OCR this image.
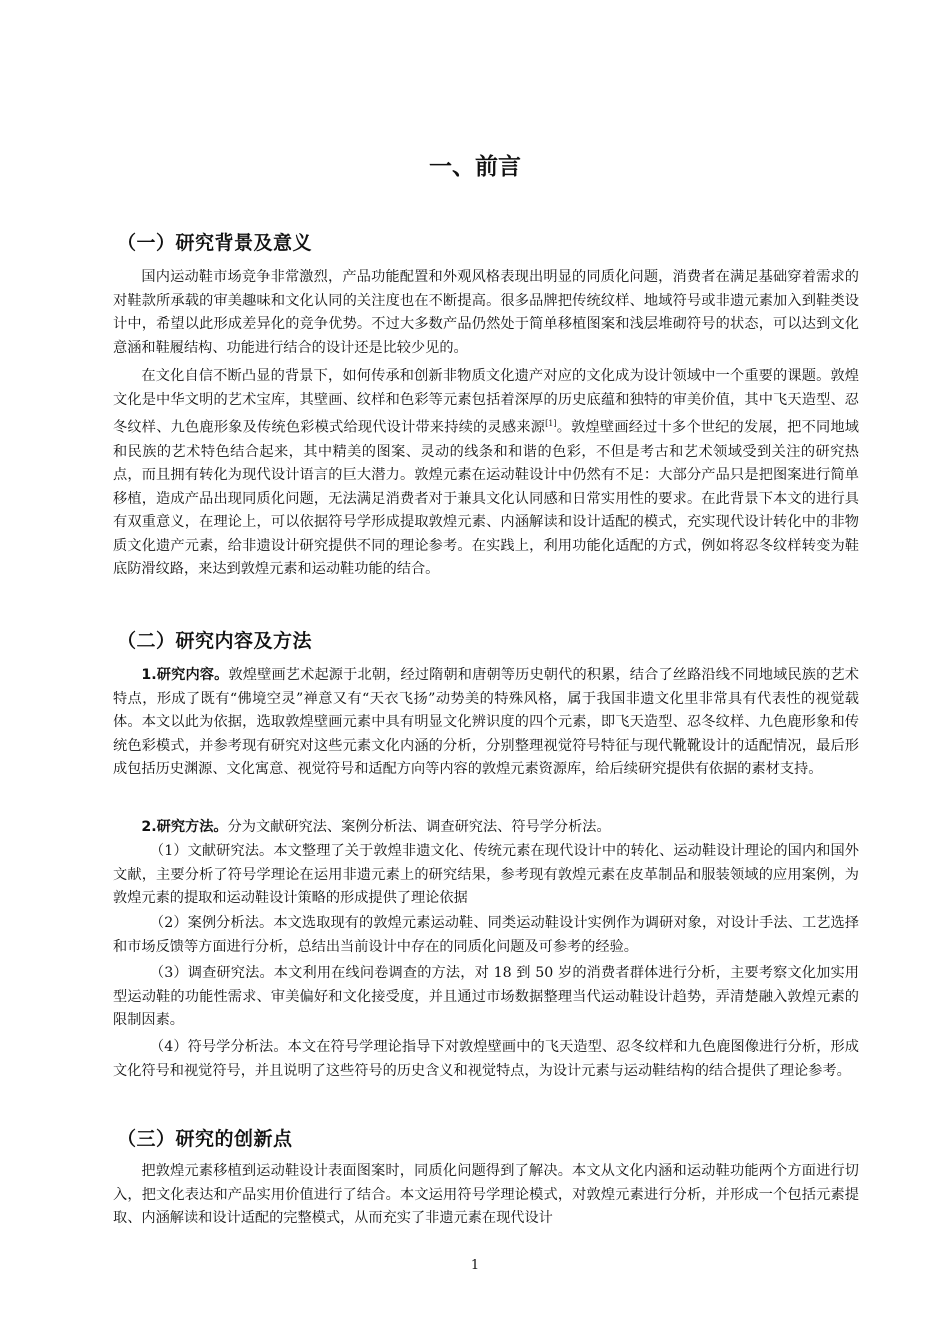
一、前言
（一）研究背景及意义

国内运动鞋市场竞争非常激烈，产品功能配置和外观风格表现出明显的同质化问题，消费者在满足基础穿着需求的对鞋款所承载的审美趣味和文化认同的关注度也在不断提高。很多品牌把传统纹样、地域符号或非遗元素加入到鞋类设计中，希望以此形成差异化的竞争优势。不过大多数产品仍然处于简单移植图案和浅层堆砌符号的状态，可以达到文化意涵和鞋履结构、功能进行结合的设计还是比较少见的。

在文化自信不断凸显的背景下，如何传承和创新非物质文化遗产对应的文化成为设计领域中一个重要的课题。敦煌文化是中华文明的艺术宝库，其壁画、纹样和色彩等元素包括着深厚的历史底蕴和独特的审美价值，其中飞天造型、忍冬纹样、九色鹿形象及传统色彩模式给现代设计带来持续的灵感来源[1]。敦煌壁画经过十多个世纪的发展，把不同地域和民族的艺术特色结合起来，其中精美的图案、灵动的线条和和谐的色彩，不但是考古和艺术领域受到关注的研究热点，而且拥有转化为现代设计语言的巨大潜力。敦煌元素在运动鞋设计中仍然有不足：大部分产品只是把图案进行简单移植，造成产品出现同质化问题，无法满足消费者对于兼具文化认同感和日常实用性的要求。在此背景下本文的进行具有双重意义，在理论上，可以依据符号学形成提取敦煌元素、内涵解读和设计适配的模式，充实现代设计转化中的非物质文化遗产元素，给非遗设计研究提供不同的理论参考。在实践上，利用功能化适配的方式，例如将忍冬纹样转变为鞋底防滑纹路，来达到敦煌元素和运动鞋功能的结合。

（二）研究内容及方法

1.研究内容。敦煌壁画艺术起源于北朝，经过隋朝和唐朝等历史朝代的积累，结合了丝路沿线不同地域民族的艺术特点，形成了既有“佛境空灵”禅意又有“天衣飞扬”动势美的特殊风格，属于我国非遗文化里非常具有代表性的视觉载体。本文以此为依据，选取敦煌壁画元素中具有明显文化辨识度的四个元素，即飞天造型、忍冬纹样、九色鹿形象和传统色彩模式，并参考现有研究对这些元素文化内涵的分析，分别整理视觉符号特征与现代靴靴设计的适配情况，最后形成包括历史渊源、文化寓意、视觉符号和适配方向等内容的敦煌元素资源库，给后续研究提供有依据的素材支持。

2.研究方法。分为文献研究法、案例分析法、调查研究法、符号学分析法。

（1）文献研究法。本文整理了关于敦煌非遗文化、传统元素在现代设计中的转化、运动鞋设计理论的国内和国外文献，主要分析了符号学理论在运用非遗元素上的研究结果，参考现有敦煌元素在皮革制品和服装领域的应用案例，为敦煌元素的提取和运动鞋设计策略的形成提供了理论依据

（2）案例分析法。本文选取现有的敦煌元素运动鞋、同类运动鞋设计实例作为调研对象，对设计手法、工艺选择和市场反馈等方面进行分析，总结出当前设计中存在的同质化问题及可参考的经验。

（3）调查研究法。本文利用在线问卷调查的方法，对 18 到 50 岁的消费者群体进行分析，主要考察文化加实用型运动鞋的功能性需求、审美偏好和文化接受度，并且通过市场数据整理当代运动鞋设计趋势，弄清楚融入敦煌元素的限制因素。

（4）符号学分析法。本文在符号学理论指导下对敦煌壁画中的飞天造型、忍冬纹样和九色鹿图像进行分析，形成文化符号和视觉符号，并且说明了这些符号的历史含义和视觉特点，为设计元素与运动鞋结构的结合提供了理论参考。

（三）研究的创新点

把敦煌元素移植到运动鞋设计表面图案时，同质化问题得到了解决。本文从文化内涵和运动鞋功能两个方面进行切入，把文化表达和产品实用价值进行了结合。本文运用符号学理论模式，对敦煌元素进行分析，并形成一个包括元素提取、内涵解读和设计适配的完整模式，从而充实了非遗元素在现代设计

1
